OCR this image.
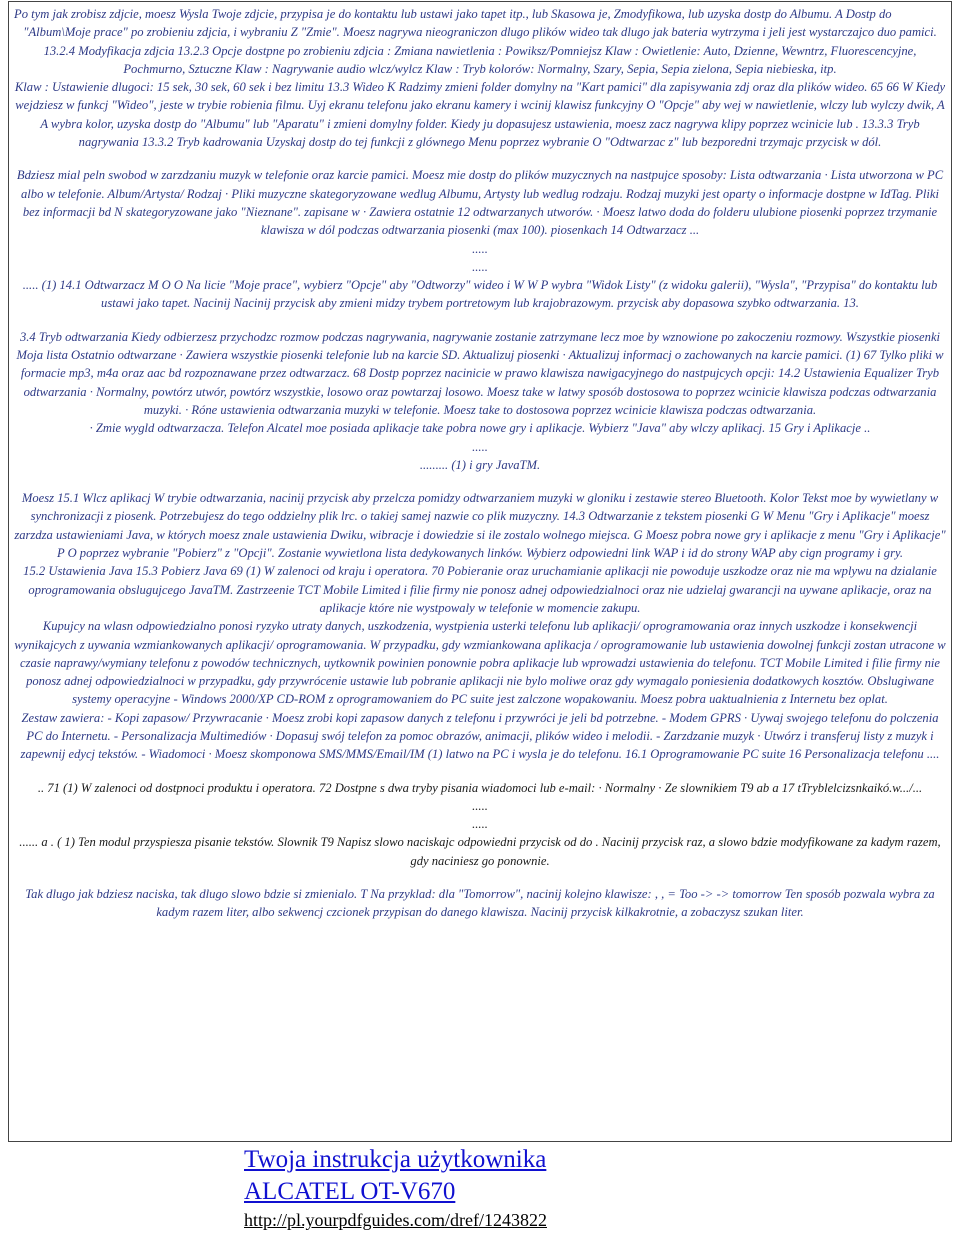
Po tym jak zrobisz zdjcie, moesz Wysla Twoje zdjcie, przypisa je do kontaktu lub ustawi jako tapet itp., lub Skasowa je, Zmodyfikowa, lub uzyska dostp do Albumu. A Dostp do "Album\Moje prace" po zrobieniu zdjcia, i wybraniu Z "Zmie". Moesz nagrywa nieograniczon dlugo plików wideo tak dlugo jak bateria wytrzyma i jeli jest wystarczajco duo pamici.

13.2.4 Modyfikacja zdjcia 13.2.3 Opcje dostpne po zrobieniu zdjcia : Zmiana nawietlenia : Powiksz/Pomniejsz Klaw : Owietlenie: Auto, Dzienne, Wewntrz, Fluorescencyjne, Pochmurno, Sztuczne Klaw : Nagrywanie audio wlcz/wylcz Klaw : Tryb kolorów: Normalny, Szary, Sepia, Sepia zielona, Sepia niebieska, itp.

Klaw : Ustawienie dlugoci: 15 sek, 30 sek, 60 sek i bez limitu 13.3 Wideo K Radzimy zmieni folder domylny na "Kart pamici" dla zapisywania zdj oraz dla plików wideo. 65 66 W Kiedy wejdziesz w funkcj "Wideo", jeste w trybie robienia filmu. Uyj ekranu telefonu jako ekranu kamery i wcinij klawisz funkcyjny O "Opcje" aby wej w nawietlenie, wlczy lub wylczy dwik, A A wybra kolor, uzyska dostp do "Albumu" lub "Aparatu" i zmieni domylny folder. Kiedy ju dopasujesz ustawienia, moesz zacz nagrywa klipy poprzez wcinicie lub . 13.3.3 Tryb nagrywania 13.3.2 Tryb kadrowania Uzyskaj dostp do tej funkcji z glównego Menu poprzez wybranie O "Odtwarzac z" lub bezporedni trzymajc przycisk w dól.

Bdziesz mial peln swobod w zarzdzaniu muzyk w telefonie oraz karcie pamici. Moesz mie dostp do plików muzycznych na nastpujce sposoby: Lista odtwarzania · Lista utworzona w PC albo w telefonie. Album/Artysta/ Rodzaj · Pliki muzyczne skategoryzowane wedlug Albumu, Artysty lub wedlug rodzaju. Rodzaj muzyki jest oparty o informacje dostpne w IdTag. Pliki bez informacji bd N skategoryzowane jako "Nieznane". zapisane w · Zawiera ostatnie 12 odtwarzanych utworów. · Moesz latwo doda do folderu ulubione piosenki poprzez trzymanie klawisza w dól podczas odtwarzania piosenki (max 100). piosenkach 14 Odtwarzacz ...

.....

.....

..... (1) 14.1 Odtwarzacz M O O Na licie "Moje prace", wybierz "Opcje" aby "Odtworzy" wideo i W W P wybra "Widok Listy" (z widoku galerii), "Wysla", "Przypisa" do kontaktu lub ustawi jako tapet. Nacinij Nacinij przycisk aby zmieni midzy trybem portretowym lub krajobrazowym. przycisk aby dopasowa szybko odtwarzania. 13.

3.4 Tryb odtwarzania Kiedy odbierzesz przychodzc rozmow podczas nagrywania, nagrywanie zostanie zatrzymane lecz moe by wznowione po zakoczeniu rozmowy. Wszystkie piosenki Moja lista Ostatnio odtwarzane · Zawiera wszystkie piosenki telefonie lub na karcie SD. Aktualizuj piosenki · Aktualizuj informacj o zachowanych na karcie pamici. (1) 67 Tylko pliki w formacie mp3, m4a oraz aac bd rozpoznawane przez odtwarzacz. 68 Dostp poprzez nacinicie w prawo klawisza nawigacyjnego do nastpujcych opcji: 14.2 Ustawienia Equalizer Tryb odtwarzania · Normalny, powtórz utwór, powtórz wszystkie, losowo oraz powtarzaj losowo. Moesz take w latwy sposób dostosowa to poprzez wcinicie klawisza podczas odtwarzania muzyki. · Róne ustawienia odtwarzania muzyki w telefonie. Moesz take to dostosowa poprzez wcinicie klawisza podczas odtwarzania.

· Zmie wygld odtwarzacza. Telefon Alcatel moe posiada aplikacje take pobra nowe gry i aplikacje. Wybierz "Java" aby wlczy aplikacj. 15 Gry i Aplikacje ..

.....

......... (1) i gry JavaTM.

Moesz 15.1 Wlcz aplikacj W trybie odtwarzania, nacinij przycisk aby przelcza pomidzy odtwarzaniem muzyki w gloniku i zestawie stereo Bluetooth. Kolor Tekst moe by wywietlany w synchronizacji z piosenk. Potrzebujesz do tego oddzielny plik lrc. o takiej samej nazwie co plik muzyczny. 14.3 Odtwarzanie z tekstem piosenki G W Menu "Gry i Aplikacje" moesz zarzdza ustawieniami Java, w których moesz znale ustawienia Dwiku, wibracje i dowiedzie si ile zostalo wolnego miejsca. G Moesz pobra nowe gry i aplikacje z menu "Gry i Aplikacje" P O poprzez wybranie "Pobierz" z "Opcji". Zostanie wywietlona lista dedykowanych linków. Wybierz odpowiedni link WAP i id do strony WAP aby cign programy i gry.

15.2 Ustawienia Java 15.3 Pobierz Java 69 (1) W zalenoci od kraju i operatora. 70 Pobieranie oraz uruchamianie aplikacji nie powoduje uszkodze oraz nie ma wplywu na dzialanie oprogramowania obslugujcego JavaTM. Zastrzeenie TCT Mobile Limited i filie firmy nie ponosz adnej odpowiedzialnoci oraz nie udzielaj gwarancji na uywane aplikacje, oraz na aplikacje które nie wystpowaly w telefonie w momencie zakupu.

Kupujcy na wlasn odpowiedzialno ponosi ryzyko utraty danych, uszkodzenia, wystpienia usterki telefonu lub aplikacji/ oprogramowania oraz innych uszkodze i konsekwencji wynikajcych z uywania wzmiankowanych aplikacji/ oprogramowania. W przypadku, gdy wzmiankowana aplikacja / oprogramowanie lub ustawienia dowolnej funkcji zostan utracone w czasie naprawy/wymiany telefonu z powodów technicznych, uytkownik powinien ponownie pobra aplikacje lub wprowadzi ustawienia do telefonu. TCT Mobile Limited i filie firmy nie ponosz adnej odpowiedzialnoci w przypadku, gdy przywrócenie ustawie lub pobranie aplikacji nie bylo moliwe oraz gdy wymagalo poniesienia dodatkowych kosztów. Obslugiwane systemy operacyjne - Windows 2000/XP CD-ROM z oprogramowaniem do PC suite jest zalczone wopakowaniu. Moesz pobra uaktualnienia z Internetu bez oplat.

Zestaw zawiera: - Kopi zapasow/ Przywracanie · Moesz zrobi kopi zapasow danych z telefonu i przywróci je jeli bd potrzebne. - Modem GPRS · Uywaj swojego telefonu do polczenia PC do Internetu. - Personalizacja Multimediów · Dopasuj swój telefon za pomoc obrazów, animacji, plików wideo i melodii. - Zarzdzanie muzyk · Utwórz i transferuj listy z muzyk i zapewnij edycj tekstów. - Wiadomoci · Moesz skomponowa SMS/MMS/Email/IM (1) latwo na PC i wysla je do telefonu. 16.1 Oprogramowanie PC suite 16 Personalizacja telefonu ....

.. 71 (1) W zalenoci od dostpnoci produktu i operatora. 72 Dostpne s dwa tryby pisania wiadomoci lub e-mail: · Normalny · Ze slownikiem T9 ab a 17 tTryblelcizsnkaikó.w.../...

.....

.....

...... a . ( 1) Ten modul przyspiesza pisanie tekstów. Slownik T9 Napisz slowo naciskajc odpowiedni przycisk od do . Nacinij przycisk raz, a slowo bdzie modyfikowane za kadym razem, gdy naciniesz go ponownie.

Tak dlugo jak bdziesz naciska, tak dlugo slowo bdzie si zmienialo. T Na przyklad: dla "Tomorrow", nacinij kolejno klawisze: , , = Too -> -> tomorrow Ten sposób pozwala wybra za kadym razem liter, albo sekwencj czcionek przypisan do danego klawisza. Nacinij przycisk kilkakrotnie, a zobaczysz szukan liter.

Twoja instrukcja użytkownika
ALCATEL OT-V670
http://pl.yourpdfguides.com/dref/1243822
